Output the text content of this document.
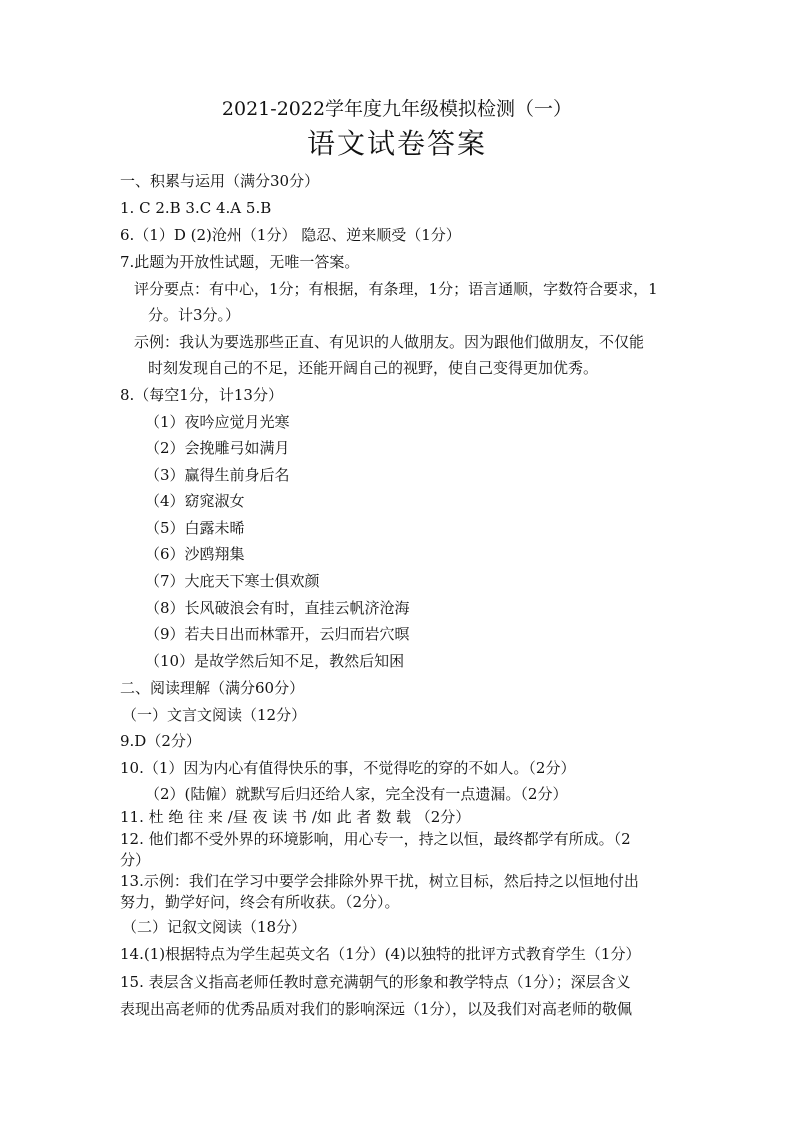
2021-2022学年度九年级模拟检测（一）
语文试卷答案
一、积累与运用（满分30分）
1. C 2.B 3.C 4.A 5.B
6.（1）D (2)沧州（1分） 隐忍、逆来顺受（1分）
7.此题为开放性试题，无唯一答案。
评分要点：有中心，1分；有根据，有条理，1分；语言通顺，字数符合要求，1
分。计3分。）
示例：我认为要选那些正直、有见识的人做朋友。因为跟他们做朋友，不仅能
时刻发现自己的不足，还能开阔自己的视野，使自己变得更加优秀。
8.（每空1分，计13分）
（1）夜吟应觉月光寒
（2）会挽雕弓如满月
（3）赢得生前身后名
（4）窈窕淑女
（5）白露未晞
（6）沙鸥翔集
（7）大庇天下寒士俱欢颜
（8）长风破浪会有时，直挂云帆济沧海
（9）若夫日出而林霏开，云归而岩穴暝
（10）是故学然后知不足，教然后知困
二、阅读理解（满分60分）
（一）文言文阅读（12分）
9.D（2分）
10.（1）因为内心有值得快乐的事，不觉得吃的穿的不如人。（2分）
（2）(陆僱）就默写后归还给人家，完全没有一点遗漏。（2分）
11. 杜 绝 往 来 /昼 夜 读 书 /如 此 者 数 载 （2分）
12. 他们都不受外界的环境影响，用心专一，持之以恒，最终都学有所成。（2
分）
13.示例：我们在学习中要学会排除外界干扰，树立目标，然后持之以恒地付出
努力，勤学好问，终会有所收获。（2分）。
（二）记叙文阅读（18分）
14.(1)根据特点为学生起英文名（1分）(4)以独特的批评方式教育学生（1分）
15. 表层含义指高老师任教时意充满朝气的形象和教学特点（1分）；深层含义
表现出高老师的优秀品质对我们的影响深远（1分），以及我们对高老师的敬佩
